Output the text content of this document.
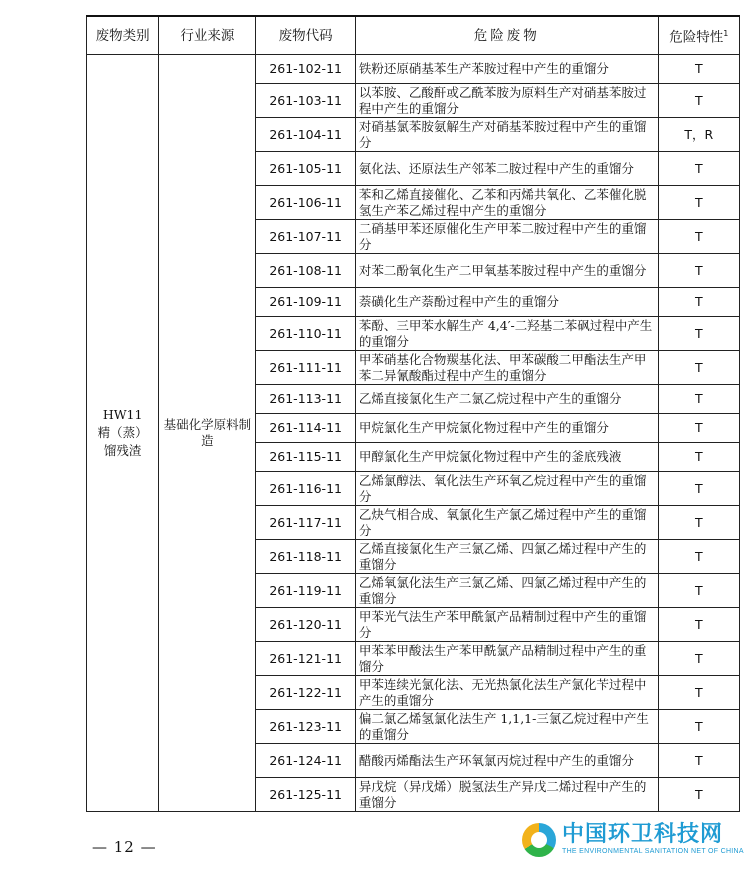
废物类别	行业来源	废物代码	危险废物	危险特性$^1$

HW11
精（蒸）
馏残渣	基础化学原料制造	261-102-11	铁粉还原硝基苯生产苯胺过程中产生的重馏分	T
		261-103-11	以苯胺、乙酸酐或乙酰苯胺为原料生产对硝基苯胺过程中产生的重馏分	T
		261-104-11	对硝基氯苯胺氨解生产对硝基苯胺过程中产生的重馏分	T，R
		261-105-11	氨化法、还原法生产邻苯二胺过程中产生的重馏分	T
		261-106-11	苯和乙烯直接催化、乙苯和丙烯共氧化、乙苯催化脱氢生产苯乙烯过程中产生的重馏分	T
		261-107-11	二硝基甲苯还原催化生产甲苯二胺过程中产生的重馏分	T
		261-108-11	对苯二酚氧化生产二甲氧基苯胺过程中产生的重馏分	T
		261-109-11	萘磺化生产萘酚过程中产生的重馏分	T
		261-110-11	苯酚、三甲苯水解生产 4,4′-二羟基二苯砜过程中产生的重馏分	T
		261-111-11	甲苯硝基化合物羰基化法、甲苯碳酸二甲酯法生产甲苯二异氰酸酯过程中产生的重馏分	T
		261-113-11	乙烯直接氯化生产二氯乙烷过程中产生的重馏分	T
		261-114-11	甲烷氯化生产甲烷氯化物过程中产生的重馏分	T
		261-115-11	甲醇氯化生产甲烷氯化物过程中产生的釜底残液	T
		261-116-11	乙烯氯醇法、氧化法生产环氧乙烷过程中产生的重馏分	T
		261-117-11	乙炔气相合成、氧氯化生产氯乙烯过程中产生的重馏分	T
		261-118-11	乙烯直接氯化生产三氯乙烯、四氯乙烯过程中产生的重馏分	T
		261-119-11	乙烯氧氯化法生产三氯乙烯、四氯乙烯过程中产生的重馏分	T
		261-120-11	甲苯光气法生产苯甲酰氯产品精制过程中产生的重馏分	T
		261-121-11	甲苯苯甲酸法生产苯甲酰氯产品精制过程中产生的重馏分	T
		261-122-11	甲苯连续光氯化法、无光热氯化法生产氯化苄过程中产生的重馏分	T
		261-123-11	偏二氯乙烯氢氯化法生产 1,1,1-三氯乙烷过程中产生的重馏分	T
		261-124-11	醋酸丙烯酯法生产环氧氯丙烷过程中产生的重馏分	T
		261-125-11	异戊烷（异戊烯）脱氢法生产异戊二烯过程中产生的重馏分	T
— 12 —	中国环卫科技网
THE ENVIRONMENTAL SANITATION NET OF CHINA
